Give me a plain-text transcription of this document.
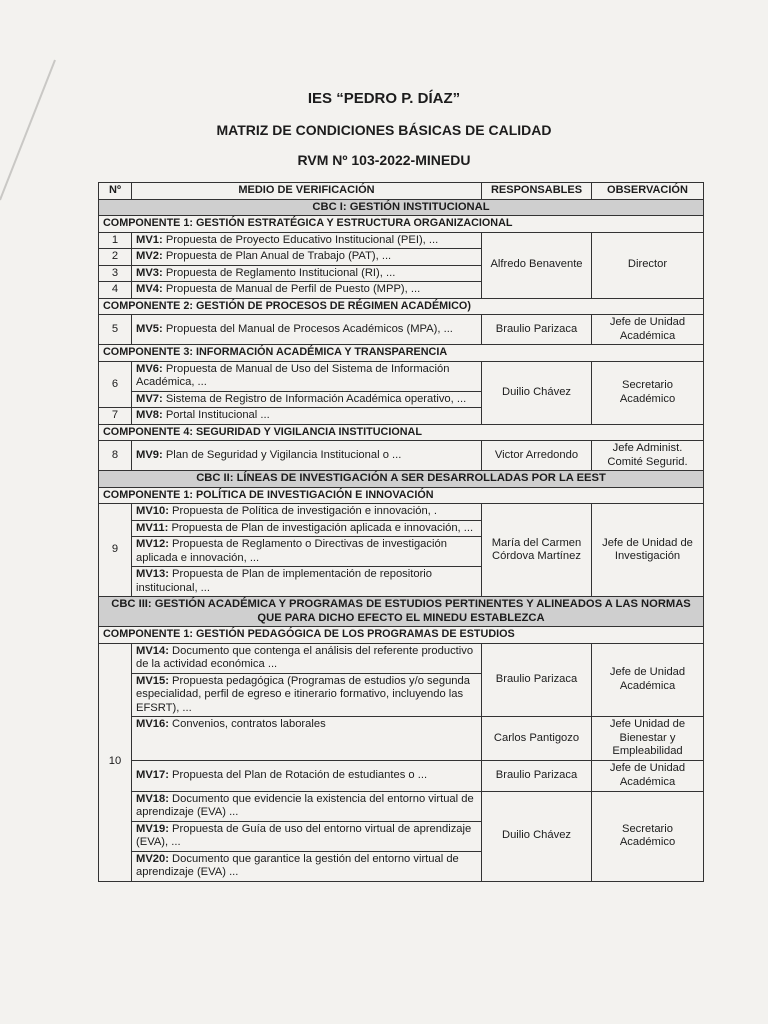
IES “PEDRO P. DÍAZ”
MATRIZ DE CONDICIONES BÁSICAS DE CALIDAD
RVM Nº 103-2022-MINEDU
Nº	MEDIO DE VERIFICACIÓN	RESPONSABLES	OBSERVACIÓN
CBC I: GESTIÓN INSTITUCIONAL			
COMPONENTE 1: GESTIÓN ESTRATÉGICA Y ESTRUCTURA ORGANIZACIONAL			
1	MV1: Propuesta de Proyecto Educativo Institucional (PEI), ...	Alfredo Benavente	Director
2	MV2: Propuesta de Plan Anual de Trabajo (PAT), ...		
3	MV3: Propuesta de Reglamento Institucional (RI), ...		
4	MV4: Propuesta de Manual de Perfil de Puesto (MPP), ...		
COMPONENTE 2: GESTIÓN DE PROCESOS DE RÉGIMEN ACADÉMICO)			
5	MV5: Propuesta del Manual de Procesos Académicos (MPA), ...	Braulio Parizaca	Jefe de Unidad Académica
COMPONENTE 3: INFORMACIÓN ACADÉMICA Y TRANSPARENCIA			
6	MV6: Propuesta de Manual de Uso del Sistema de Información Académica, ...	Duilio Chávez	Secretario Académico
	MV7: Sistema de Registro de Información Académica operativo, ...		
7	MV8: Portal Institucional ...		
COMPONENTE 4: SEGURIDAD Y VIGILANCIA INSTITUCIONAL			
8	MV9: Plan de Seguridad y Vigilancia Institucional o ...	Victor Arredondo	Jefe Administ. Comité Segurid.
CBC II: LÍNEAS DE INVESTIGACIÓN A SER DESARROLLADAS POR LA EEST			
COMPONENTE 1: POLÍTICA DE INVESTIGACIÓN E INNOVACIÓN			
9	MV10: Propuesta de Política de investigación e innovación, .	María del Carmen Córdova Martínez	Jefe de Unidad de Investigación
	MV11: Propuesta de Plan de investigación aplicada e innovación, ...		
	MV12: Propuesta de Reglamento o Directivas de investigación aplicada e innovación, ...		
	MV13: Propuesta de Plan de implementación de repositorio institucional, ...		
CBC III: GESTIÓN ACADÉMICA Y PROGRAMAS DE ESTUDIOS PERTINENTES Y ALINEADOS A LAS NORMAS QUE PARA DICHO EFECTO EL MINEDU ESTABLEZCA			
COMPONENTE 1: GESTIÓN PEDAGÓGICA DE LOS PROGRAMAS DE ESTUDIOS			
10	MV14: Documento que contenga el análisis del referente productivo de la actividad económica ...	Braulio Parizaca	Jefe de Unidad Académica
	MV15: Propuesta pedagógica (Programas de estudios y/o segunda especialidad, perfil de egreso e itinerario formativo, incluyendo las EFSRT), ...		
	MV16: Convenios, contratos laborales	Carlos Pantigozo	Jefe Unidad de Bienestar y Empleabilidad
	MV17: Propuesta del Plan de Rotación de estudiantes o ...	Braulio Parizaca	Jefe de Unidad Académica
	MV18: Documento que evidencie la existencia del entorno virtual de aprendizaje (EVA) ...	Duilio Chávez	Secretario Académico
	MV19: Propuesta de Guía de uso del entorno virtual de aprendizaje (EVA), ...		
	MV20: Documento que garantice la gestión del entorno virtual de aprendizaje (EVA) ...		
